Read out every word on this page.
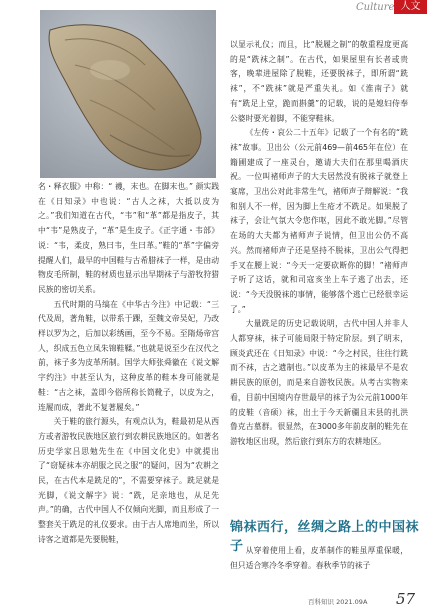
Culture 人文

名・释衣服》中称：“ 襪，末也。在脚末也。” 颜实践在《日知录》中也说：“古人之袜，大抵以皮为之。”我们知道在古代，“韦”和“革”都是指皮子，其中“韦”是熟皮子，“革”是生皮子。《正字通・韦部》说：“韦，柔皮，熟曰韦，生曰革。”鞋的“革”字偏旁提醒人们，最早的中国鞋与古希腊袜子一样，是由动物皮毛所制，鞋的材质也显示出早期袜子与游牧狩猎民族的密切关系。

五代时期的马缟在《中华古今注》中记载：“三代及周，著角鞋，以带系于踝，至魏文帝吴妃，乃改样以罗为之，后加以彩绣画，至今不易。至隋炀帝宫人，织成五色立凤朱锦鞋鞣。”也就是说至少在汉代之前，袜子多为皮革所制。国学大师张舜徽在《说文解字约注》中甚至认为，这种皮革的鞋本身可能就是鞋：“古之袜，盖即今俗所称长筒靴子，以皮为之，连履而成，著此不复著履矣。”

关于鞋的旅行源头，有观点认为，鞋最初是从西方或者游牧民族地区旅行到农耕民族地区的。如著名历史学家吕思勉先生在《中国文化史》中就提出了“窃疑袜本亦胡服之民之服”的疑问，因为“农耕之民，在古代本是跣足的”，不需要穿袜子。跣足就是光脚，《说文解字》说：“跣，足亲地也，从足先声。”的确，古代中国人不仅倾向光脚，而且形成了一整套关于跣足的礼仪要求。由于古人席地而坐，所以诗客之道都是先要脱鞋，

以显示礼仪；而且，比“脱履之制”的敬重程度更高的是“跣袜之制”。在古代，如果屋里有长者或贵客，晚辈进屋除了脱鞋，还要脱袜子，即所谓“跣袜”，不“跣袜”就是严重失礼。如《淮南子》就有“跣足上堂，跪而斟羹”的记载，说的是媳妇侍奉公婆时要光着脚，不能穿鞋袜。

《左传・哀公二十五年》记载了一个有名的“跣袜”故事。卫出公（公元前469—前465年在位）在籍圃建成了一座灵台，邀请大夫们在那里喝酒庆祝。一位叫褚师声子的大夫居然没有脱袜子就登上宴席，卫出公对此非常生气，褚师声子辩解说：“我和别人不一样，因为脚上生疮才不跣足。如果脱了袜子，会让气氛大令您作呕，因此不敢光脚。”尽管在场的大夫都为褚师声子说情，但卫出公仍不高兴。然而褚师声子还是坚持不脱袜，卫出公气得把手叉在腰上说：“今天一定要砍断你的脚！”褚师声子听了这话，就和司寇亥坐上车子逃了出去，还说：“今天没脱袜的事情，能够落个逃亡已经很幸运了。”

大量跣足的历史记载说明，古代中国人并非人人都穿袜，袜子可能局限于特定阶层。到了明末，顾炎武还在《日知录》中说：“今之村民，往往行跣而不袜，古之遗制也。”以皮革为主的袜最早不是农耕民族的原创，而是来自游牧民族。从考古实物来看，目前中国境内存世最早的袜子为公元前1000年的皮鞋（音硕）袜，出土于今天新疆且末县的扎洪鲁克古墓群。很显然，在3000多年前皮制的鞋先在游牧地区出现，然后旅行到东方的农耕地区。

锦袜西行，丝绸之路上的中国袜子 从穿着使用上看，皮革制作的鞋虽厚重保暖，但只适合寒冷冬季穿着。春秋季节的袜子

百科知识 2021.09A 57
